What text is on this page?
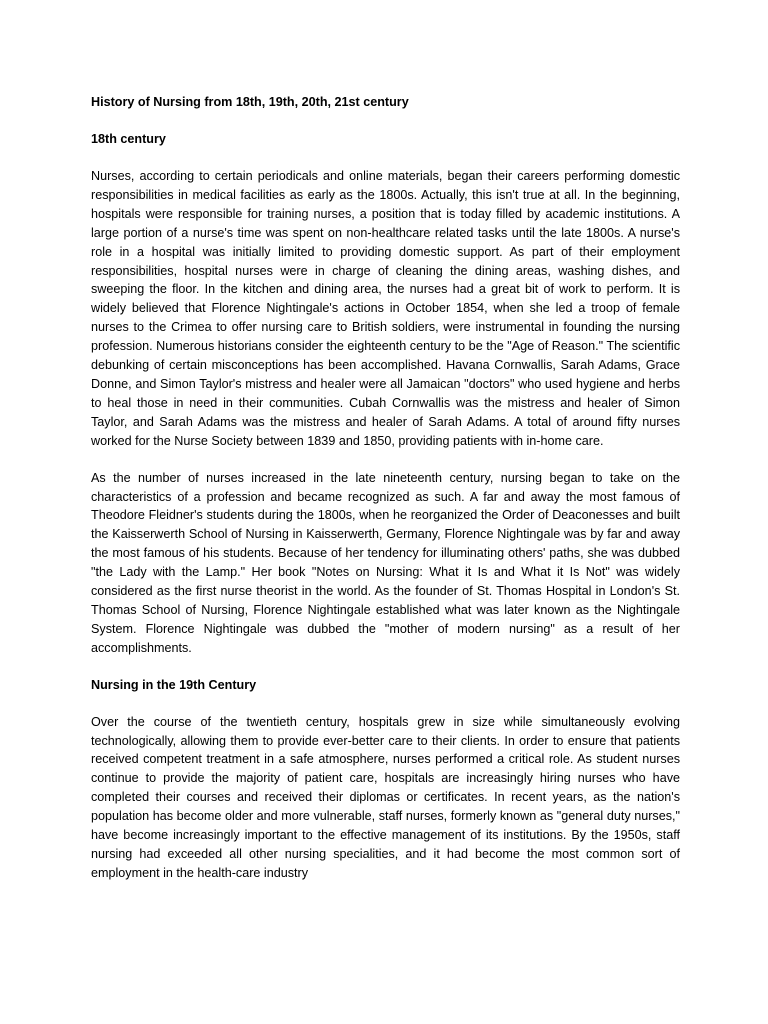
History of Nursing from 18th, 19th, 20th, 21st century
18th century

Nurses, according to certain periodicals and online materials, began their careers performing domestic responsibilities in medical facilities as early as the 1800s. Actually, this isn't true at all. In the beginning, hospitals were responsible for training nurses, a position that is today filled by academic institutions. A large portion of a nurse's time was spent on non-healthcare related tasks until the late 1800s. A nurse's role in a hospital was initially limited to providing domestic support. As part of their employment responsibilities, hospital nurses were in charge of cleaning the dining areas, washing dishes, and sweeping the floor. In the kitchen and dining area, the nurses had a great bit of work to perform. It is widely believed that Florence Nightingale's actions in October 1854, when she led a troop of female nurses to the Crimea to offer nursing care to British soldiers, were instrumental in founding the nursing profession. Numerous historians consider the eighteenth century to be the "Age of Reason." The scientific debunking of certain misconceptions has been accomplished. Havana Cornwallis, Sarah Adams, Grace Donne, and Simon Taylor's mistress and healer were all Jamaican "doctors" who used hygiene and herbs to heal those in need in their communities. Cubah Cornwallis was the mistress and healer of Simon Taylor, and Sarah Adams was the mistress and healer of Sarah Adams. A total of around fifty nurses worked for the Nurse Society between 1839 and 1850, providing patients with in-home care.

As the number of nurses increased in the late nineteenth century, nursing began to take on the characteristics of a profession and became recognized as such. A far and away the most famous of Theodore Fleidner's students during the 1800s, when he reorganized the Order of Deaconesses and built the Kaisserwerth School of Nursing in Kaisserwerth, Germany, Florence Nightingale was by far and away the most famous of his students. Because of her tendency for illuminating others' paths, she was dubbed "the Lady with the Lamp." Her book "Notes on Nursing: What it Is and What it Is Not" was widely considered as the first nurse theorist in the world. As the founder of St. Thomas Hospital in London's St. Thomas School of Nursing, Florence Nightingale established what was later known as the Nightingale System. Florence Nightingale was dubbed the "mother of modern nursing" as a result of her accomplishments.

Nursing in the 19th Century

Over the course of the twentieth century, hospitals grew in size while simultaneously evolving technologically, allowing them to provide ever-better care to their clients. In order to ensure that patients received competent treatment in a safe atmosphere, nurses performed a critical role. As student nurses continue to provide the majority of patient care, hospitals are increasingly hiring nurses who have completed their courses and received their diplomas or certificates. In recent years, as the nation's population has become older and more vulnerable, staff nurses, formerly known as "general duty nurses," have become increasingly important to the effective management of its institutions. By the 1950s, staff nursing had exceeded all other nursing specialities, and it had become the most common sort of employment in the health-care industry
